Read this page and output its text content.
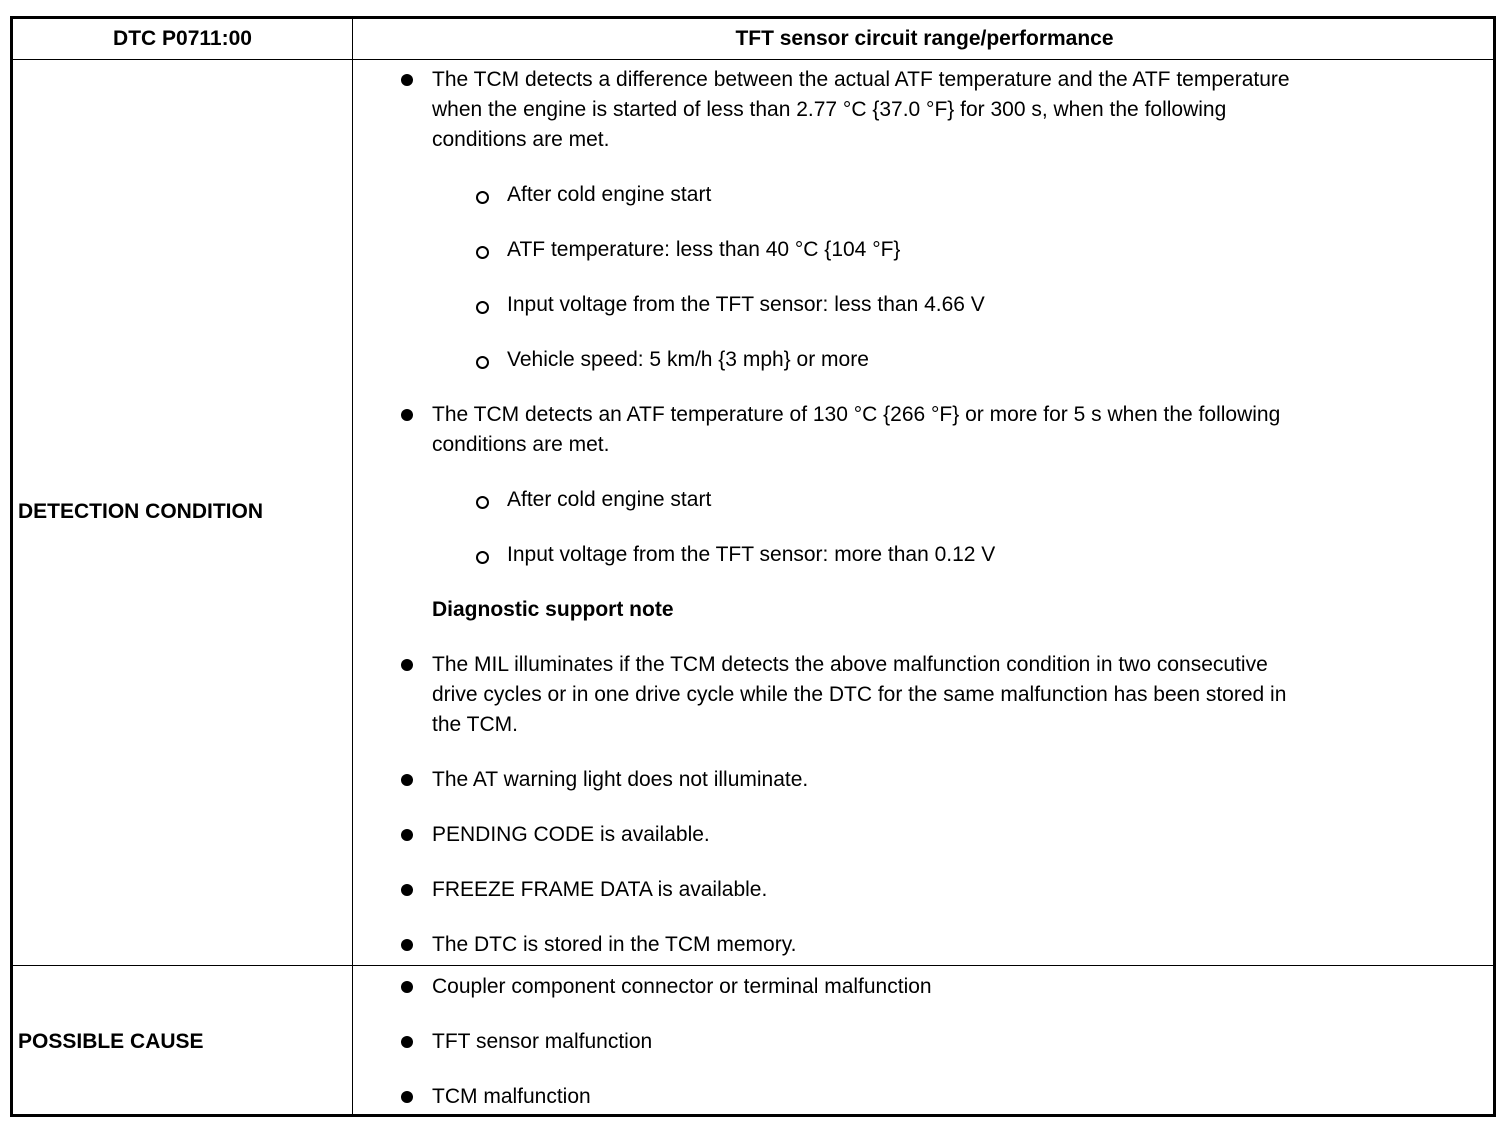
DTC P0711:00	TFT sensor circuit range/performance
DETECTION CONDITION
POSSIBLE CAUSE
The TCM detects a difference between the actual ATF temperature and the ATF temperature
when the engine is started of less than 2.77 °C {37.0 °F} for 300 s, when the following
conditions are met.
After cold engine start
ATF temperature: less than 40 °C {104 °F}
Input voltage from the TFT sensor: less than 4.66 V
Vehicle speed: 5 km/h {3 mph} or more
The TCM detects an ATF temperature of 130 °C {266 °F} or more for 5 s when the following
conditions are met.
After cold engine start
Input voltage from the TFT sensor: more than 0.12 V
Diagnostic support note
The MIL illuminates if the TCM detects the above malfunction condition in two consecutive
drive cycles or in one drive cycle while the DTC for the same malfunction has been stored in
the TCM.
The AT warning light does not illuminate.
PENDING CODE is available.
FREEZE FRAME DATA is available.
The DTC is stored in the TCM memory.
Coupler component connector or terminal malfunction
TFT sensor malfunction
TCM malfunction
